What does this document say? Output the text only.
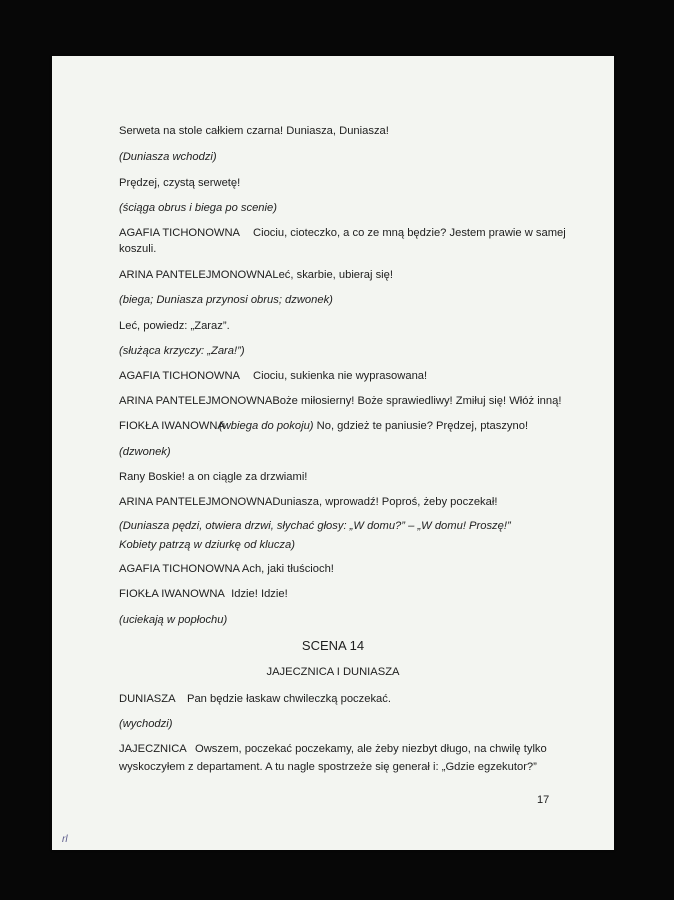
Serweta na stole całkiem czarna! Duniasza, Duniasza!
(Duniasza wchodzi)
Prędzej, czystą serwetę!
(ściąga obrus i biega po scenie)
AGAFIA TICHONOWNA Ciociu, cioteczko, a co ze mną będzie? Jestem prawie w samej
koszuli.
ARINA PANTELEJMONOWNALeć, skarbie, ubieraj się!
(biega; Duniasza przynosi obrus; dzwonek)
Leć, powiedz: „Zaraz”.
(służąca krzyczy: „Zara!”)
AGAFIA TICHONOWNA Ciociu, sukienka nie wyprasowana!
ARINA PANTELEJMONOWNABoże miłosierny! Boże sprawiedliwy! Zmiłuj się! Włóż inną!
FIOKŁA IWANOWNA(wbiega do pokoju) No, gdzież te paniusie? Prędzej, ptaszyno!
(dzwonek)
Rany Boskie! a on ciągle za drzwiami!
ARINA PANTELEJMONOWNADuniasza, wprowadź! Poproś, żeby poczekał!
(Duniasza pędzi, otwiera drzwi, słychać głosy: „W domu?” – „W domu! Proszę!” Kobiety patrzą w dziurkę od klucza)
AGAFIA TICHONOWNA Ach, jaki tłuścioch!
FIOKŁA IWANOWNA Idzie! Idzie!
(uciekają w popłochu)
SCENA 14
JAJECZNICA I DUNIASZA
DUNIASZA Pan będzie łaskaw chwileczką poczekać.
(wychodzi)
JAJECZNICA Owszem, poczekać poczekamy, ale żeby niezbyt długo, na chwilę tylko
wyskoczyłem z departament. A tu nagle spostrzeże się generał i: „Gdzie egzekutor?”
17
rl
